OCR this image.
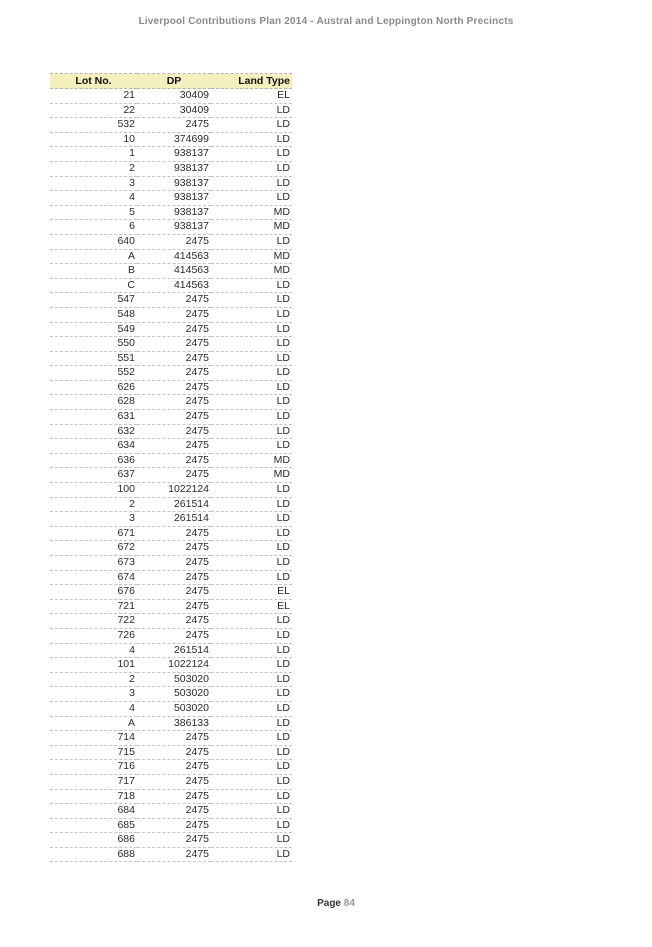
Liverpool Contributions Plan 2014 - Austral and Leppington North Precincts
Lot No.	DP	Land Type
21	30409	EL
22	30409	LD
532	2475	LD
10	374699	LD
1	938137	LD
2	938137	LD
3	938137	LD
4	938137	LD
5	938137	MD
6	938137	MD
640	2475	LD
A	414563	MD
B	414563	MD
C	414563	LD
547	2475	LD
548	2475	LD
549	2475	LD
550	2475	LD
551	2475	LD
552	2475	LD
626	2475	LD
628	2475	LD
631	2475	LD
632	2475	LD
634	2475	LD
636	2475	MD
637	2475	MD
100	1022124	LD
2	261514	LD
3	261514	LD
671	2475	LD
672	2475	LD
673	2475	LD
674	2475	LD
676	2475	EL
721	2475	EL
722	2475	LD
726	2475	LD
4	261514	LD
101	1022124	LD
2	503020	LD
3	503020	LD
4	503020	LD
A	386133	LD
714	2475	LD
715	2475	LD
716	2475	LD
717	2475	LD
718	2475	LD
684	2475	LD
685	2475	LD
686	2475	LD
688	2475	LD
Page 84
